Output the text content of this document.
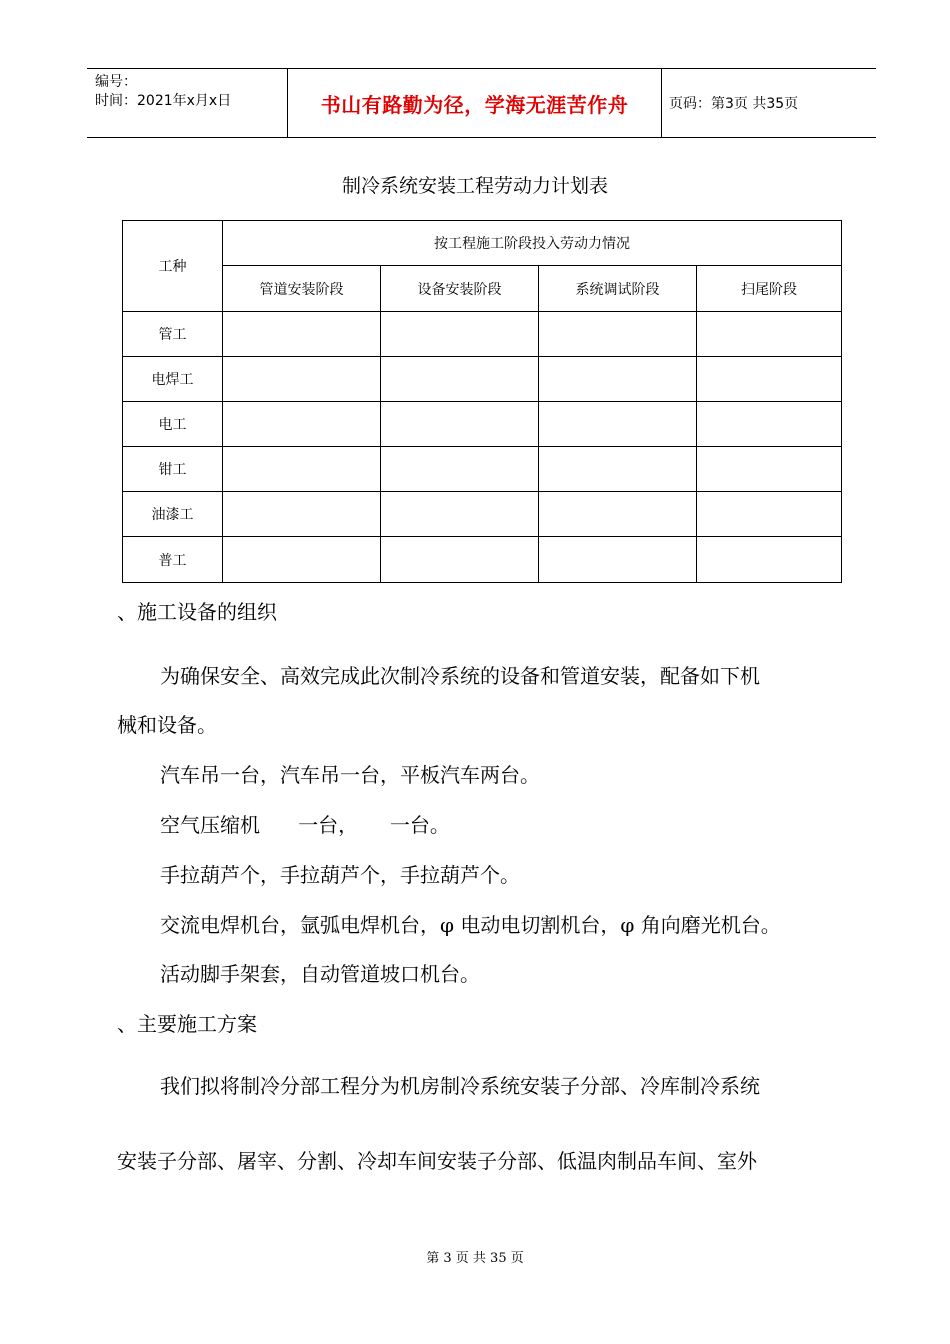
编号：
时间：2021年x月x日	书山有路勤为径，学海无涯苦作舟	页码：第3页 共35页
制冷系统安装工程劳动力计划表
工种	按工程施工阶段投入劳动力情况			
	管道安装阶段	设备安装阶段	系统调试阶段	扫尾阶段
管工				
电焊工				
电工				
钳工				
油漆工				
普工				
、施工设备的组织
为确保安全、高效完成此次制冷系统的设备和管道安装，配备如下机
械和设备。
汽车吊一台，汽车吊一台，平板汽车两台。
空气压缩机      一台，     一台。
手拉葫芦个，手拉葫芦个，手拉葫芦个。
交流电焊机台，氩弧电焊机台，φ 电动电切割机台，φ 角向磨光机台。
活动脚手架套，自动管道坡口机台。
、主要施工方案
我们拟将制冷分部工程分为机房制冷系统安装子分部、冷库制冷系统
安装子分部、屠宰、分割、冷却车间安装子分部、低温肉制品车间、室外
第 3 页 共 35 页
